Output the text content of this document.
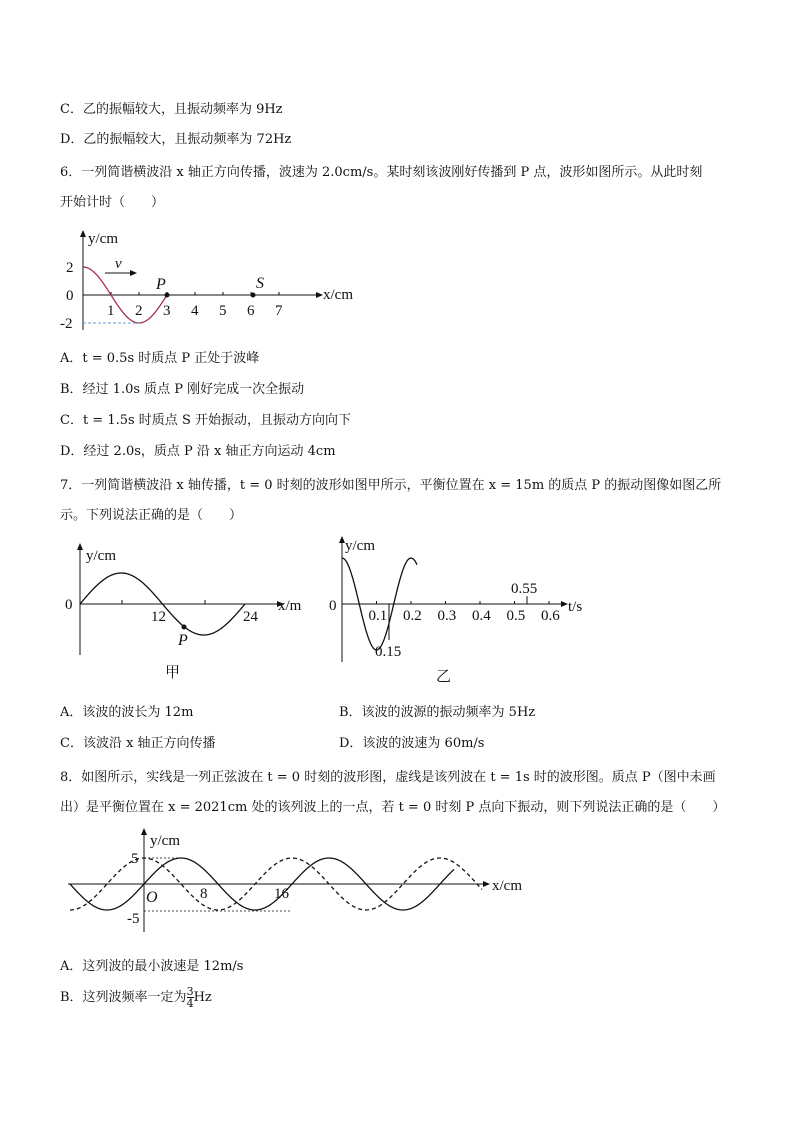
C．乙的振幅较大，且振动频率为 9Hz
D．乙的振幅较大，且振动频率为 72Hz
6．一列简谐横波沿 x 轴正方向传播，波速为 2.0cm/s。某时刻该波刚好传播到 P 点，波形如图所示。从此时刻
开始计时（　　）
y/cm
x/cm
2
0
-2
1 2 3 4 5 6 7
v
P	S
A．t = 0.5s 时质点 P 正处于波峰
B．经过 1.0s 质点 P 刚好完成一次全振动
C．t = 1.5s 时质点 S 开始振动，且振动方向向下
D．经过 2.0s，质点 P 沿 x 轴正方向运动 4cm
7．一列简谐横波沿 x 轴传播，t = 0 时刻的波形如图甲所示，平衡位置在 x = 15m 的质点 P 的振动图像如图乙所
示。下列说法正确的是（　　）
y/cm
x/m
0
12	24
P
甲
y/cm
t/s
0
0.1 0.2 0.3 0.4 0.5 0.6
0.15
0.55
乙
A．该波的波长为 12m	B．该波的波源的振动频率为 5Hz
C．该波沿 x 轴正方向传播	D．该波的波速为 60m/s
8．如图所示，实线是一列正弦波在 t = 0 时刻的波形图，虚线是该列波在 t = 1s 时的波形图。质点 P（图中未画
出）是平衡位置在 x = 2021cm 处的该列波上的一点，若 t = 0 时刻 P 点向下振动，则下列说法正确的是（　　）
y/cm
x/cm
5
-5
O	8	16
A．这列波的最小波速是 12m/s
B．这列波频率一定为 $\frac{3}{4}$ Hz
